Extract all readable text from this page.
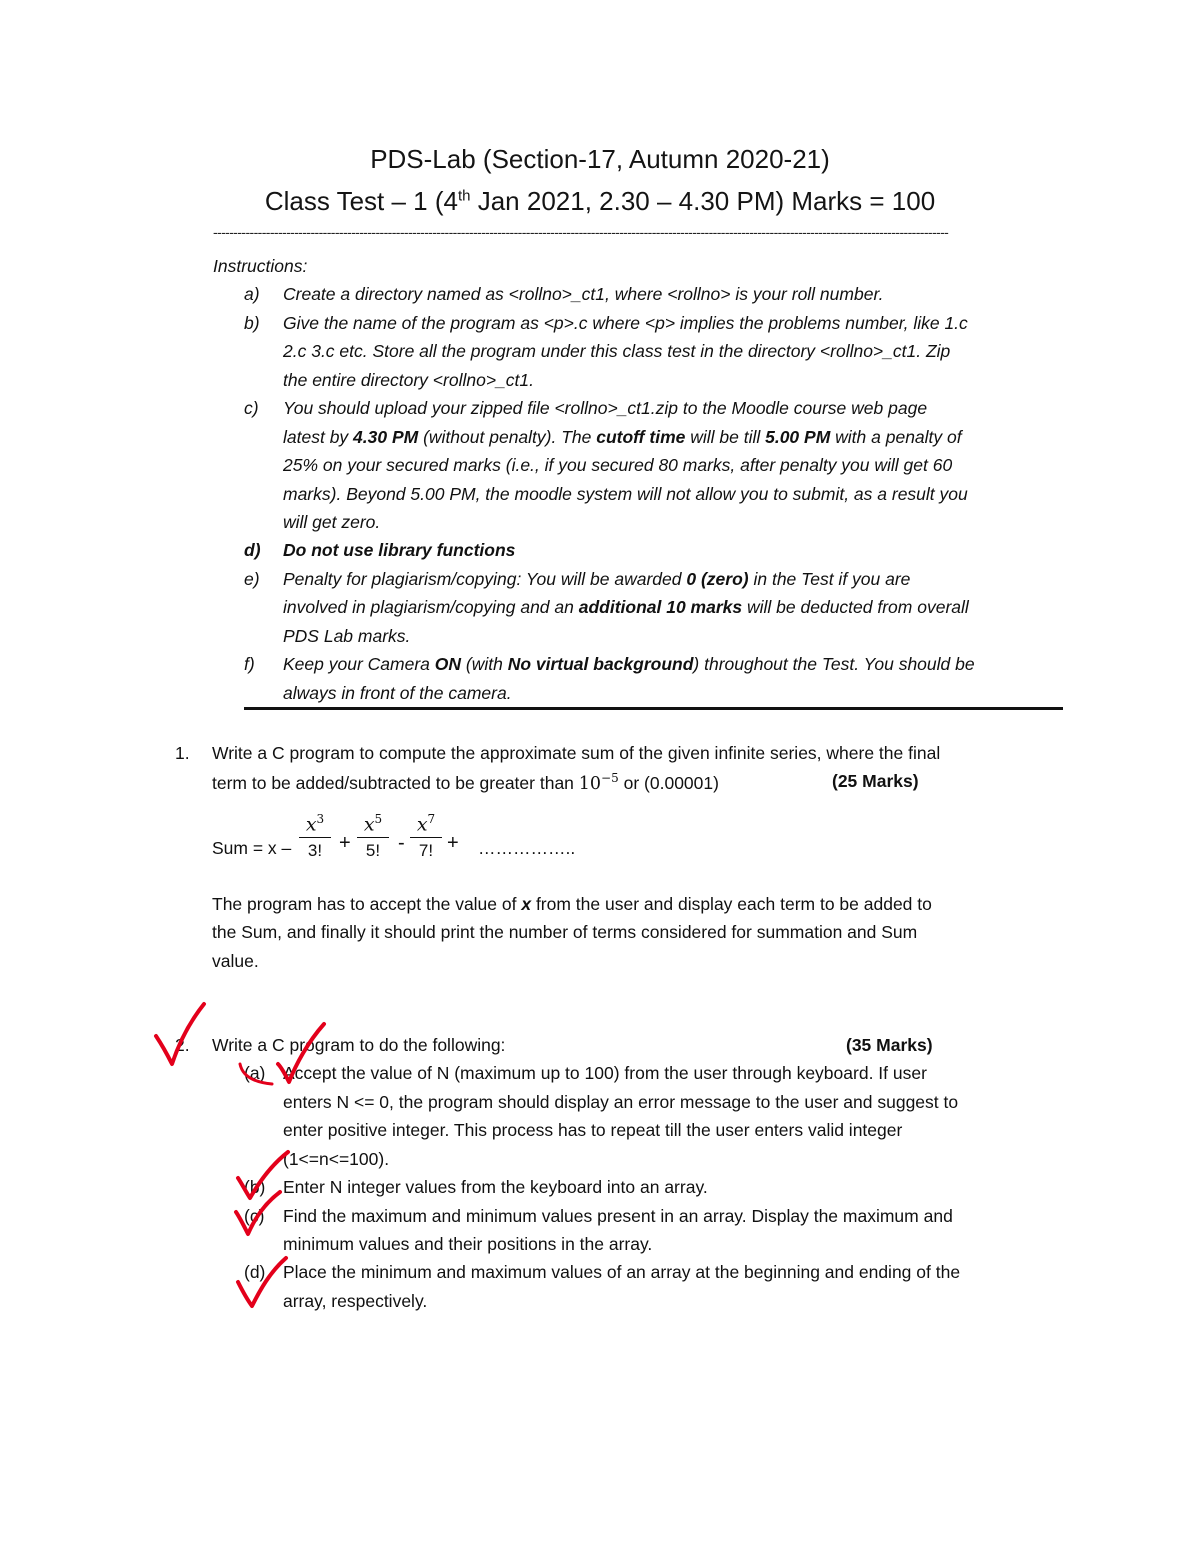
PDS-Lab (Section-17, Autumn 2020-21)
Class Test – 1 (4th Jan 2021, 2.30 – 4.30 PM) Marks = 100
-------------------------------------------------------------------------------------------------------------------------------------------------------------------------------------
Instructions:
a)	Create a directory named as <rollno>_ct1, where <rollno> is your roll number.
b)	Give the name of the program as <p>.c where <p> implies the problems number, like 1.c
2.c 3.c etc. Store all the program under this class test in the directory <rollno>_ct1. Zip
the entire directory <rollno>_ct1.
c)	You should upload your zipped file <rollno>_ct1.zip to the Moodle course web page
latest by 4.30 PM (without penalty). The cutoff time will be till 5.00 PM with a penalty of
25% on your secured marks (i.e., if you secured 80 marks, after penalty you will get 60
marks). Beyond 5.00 PM, the moodle system will not allow you to submit, as a result you
will get zero.
d)	Do not use library functions
e)	Penalty for plagiarism/copying: You will be awarded 0 (zero) in the Test if you are
involved in plagiarism/copying and an additional 10 marks will be deducted from overall
PDS Lab marks.
f)	Keep your Camera ON (with No virtual background) throughout the Test. You should be
always in front of the camera.
1. Write a C program to compute the approximate sum of the given infinite series, where the final
term to be added/subtracted to be greater than $10^{-5}$ or (0.00001)	(25 Marks)
Sum = x –
$x^3$
3! +
$x^5$
5! -
$x^7$
7! + ……………..
The program has to accept the value of x from the user and display each term to be added to
the Sum, and finally it should print the number of terms considered for summation and Sum
value.
2. Write a C program to do the following:	(35 Marks)
(a) Accept the value of N (maximum up to 100) from the user through keyboard. If user
enters N <= 0, the program should display an error message to the user and suggest to
enter positive integer. This process has to repeat till the user enters valid integer
(1<=n<=100).
(b) Enter N integer values from the keyboard into an array.
(c) Find the maximum and minimum values present in an array. Display the maximum and
minimum values and their positions in the array.
(d) Place the minimum and maximum values of an array at the beginning and ending of the
array, respectively.
